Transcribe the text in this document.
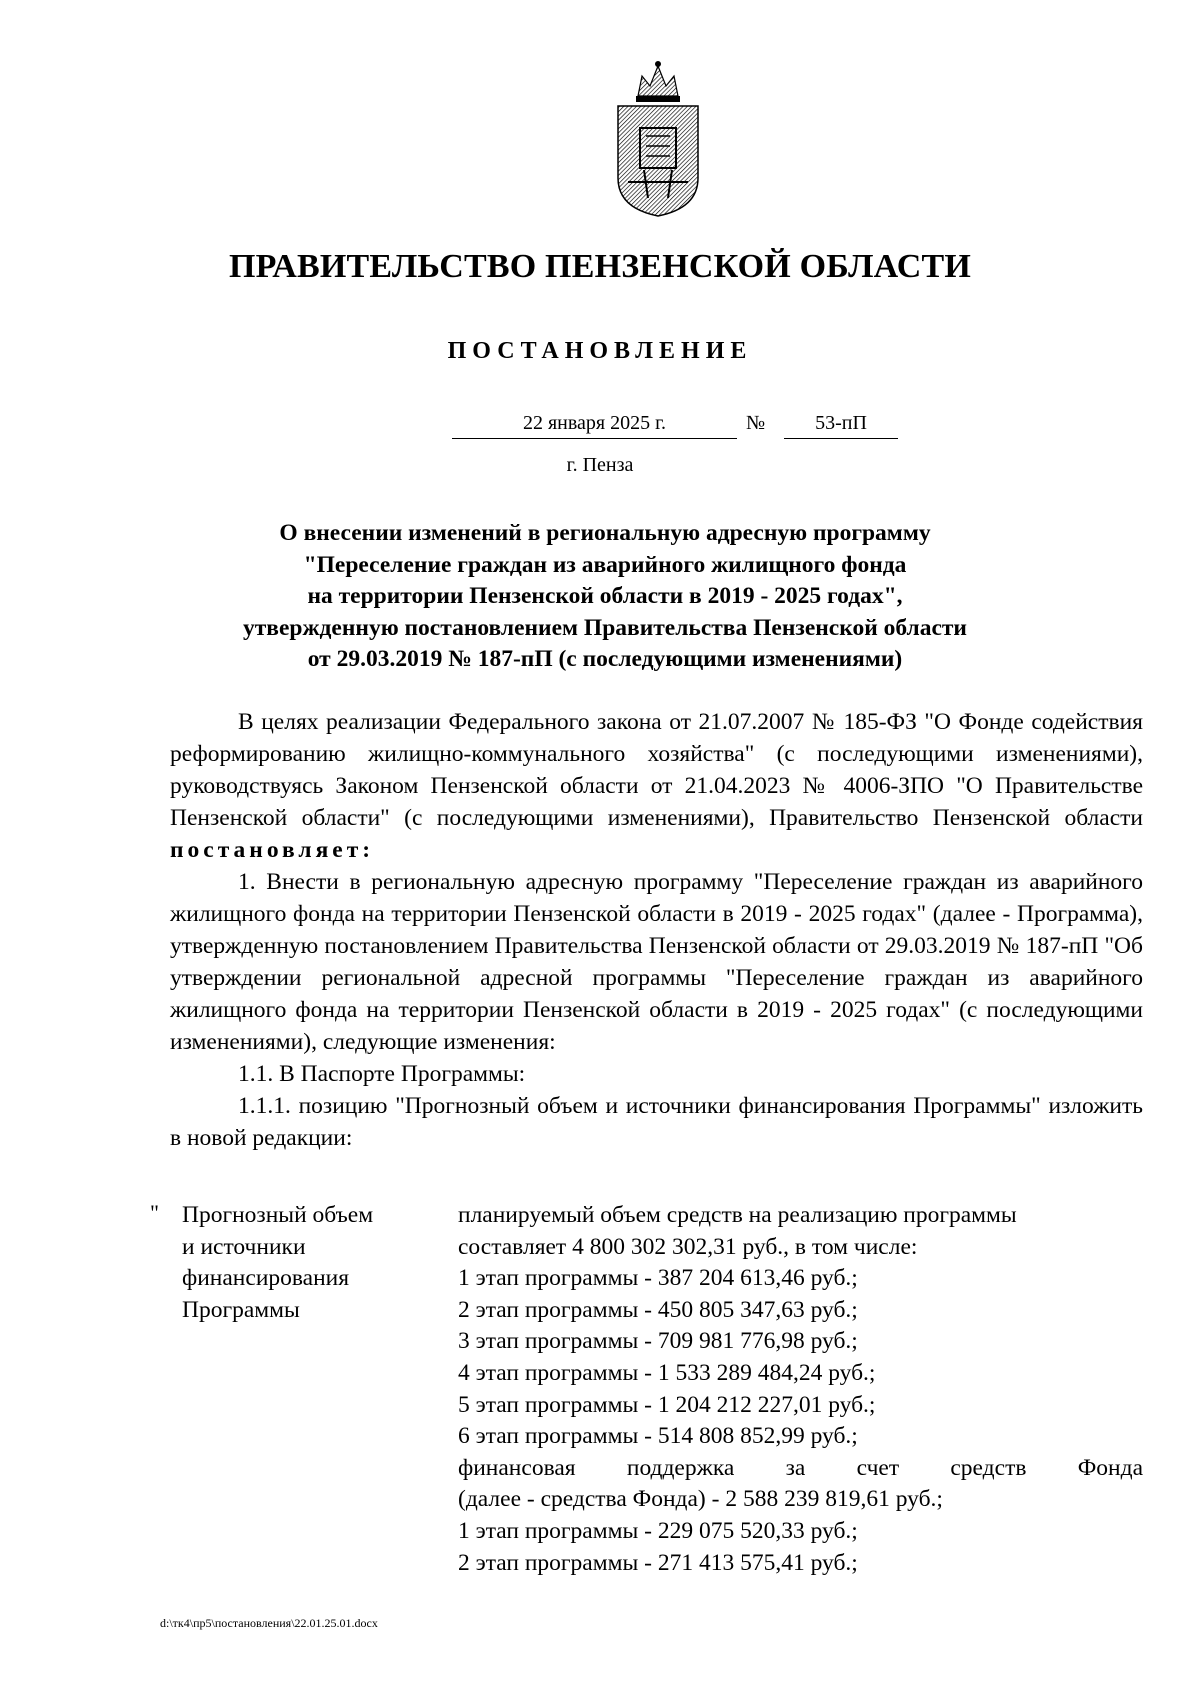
ПРАВИТЕЛЬСТВО ПЕНЗЕНСКОЙ ОБЛАСТИ
ПОСТАНОВЛЕНИЕ
22 января 2025 г.	№	53-пП
г. Пенза
О внесении изменений в региональную адресную программу
"Переселение граждан из аварийного жилищного фонда
на территории Пензенской области в 2019 - 2025 годах",
утвержденную постановлением Правительства Пензенской области
от 29.03.2019 № 187-пП (с последующими изменениями)

В целях реализации Федерального закона от 21.07.2007 № 185-ФЗ "О Фонде содействия реформированию жилищно-коммунального хозяйства" (с последующими изменениями), руководствуясь Законом Пензенской области от 21.04.2023 № 4006-ЗПО "О Правительстве Пензенской области" (с последующими изменениями), Правительство Пензенской области постановляет:

1. Внести в региональную адресную программу "Переселение граждан из аварийного жилищного фонда на территории Пензенской области в 2019 - 2025 годах" (далее - Программа), утвержденную постановлением Правительства Пензенской области от 29.03.2019 № 187-пП "Об утверждении региональной адресной программы "Переселение граждан из аварийного жилищного фонда на территории Пензенской области в 2019 - 2025 годах" (с последующими изменениями), следующие изменения:

1.1. В Паспорте Программы:

1.1.1. позицию "Прогнозный объем и источники финансирования Программы" изложить в новой редакции:

" Прогнозный объем
и источники
финансирования
Программы
планируемый объем средств на реализацию программы
составляет 4 800 302 302,31 руб., в том числе:
1 этап программы - 387 204 613,46 руб.;
2 этап программы - 450 805 347,63 руб.;
3 этап программы - 709 981 776,98 руб.;
4 этап программы - 1 533 289 484,24 руб.;
5 этап программы - 1 204 212 227,01 руб.;
6 этап программы - 514 808 852,99 руб.;
финансовая поддержка за счет средств Фонда
(далее - средства Фонда) - 2 588 239 819,61 руб.;
1 этап программы - 229 075 520,33 руб.;
2 этап программы - 271 413 575,41 руб.;
d:\тк4\пр5\постановления\22.01.25.01.docx
